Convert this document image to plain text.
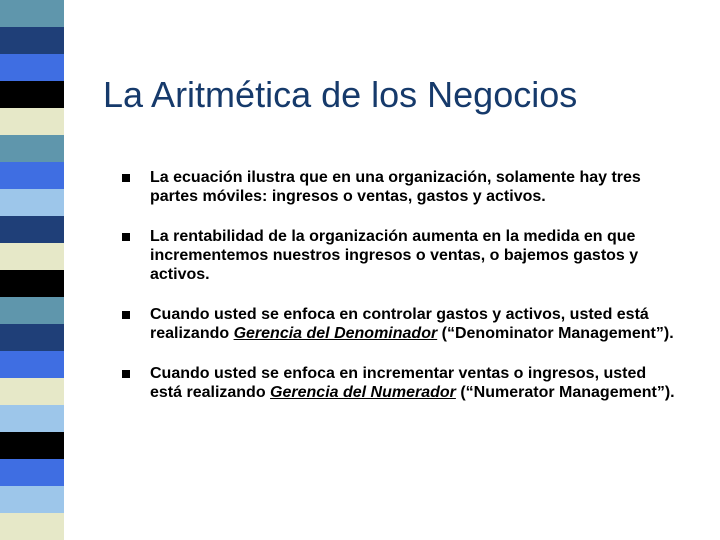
La Aritmética de los Negocios
La ecuación ilustra que en una organización, solamente hay tres partes móviles: ingresos o ventas, gastos y activos.
La rentabilidad de la organización aumenta en la medida en que incrementemos nuestros ingresos o ventas, o bajemos gastos y activos.
Cuando usted se enfoca en controlar gastos y activos, usted está realizando Gerencia del Denominador (“Denominator Management”).
Cuando usted se enfoca en incrementar ventas o ingresos, usted está realizando Gerencia del Numerador (“Numerator Management”).
